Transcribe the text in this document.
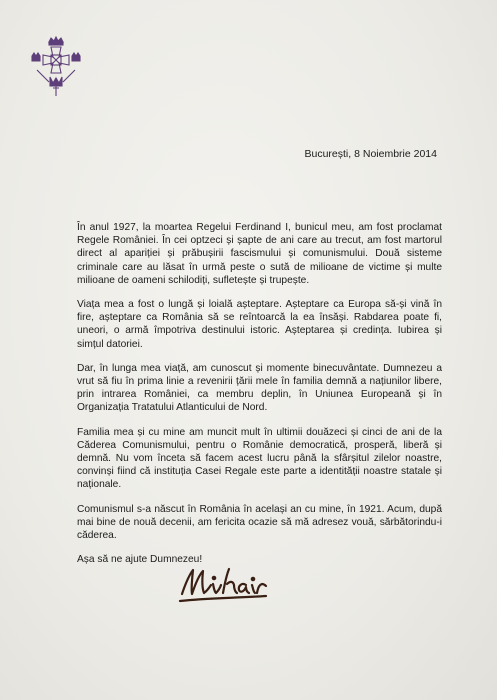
București, 8 Noiembrie 2014

În anul 1927, la moartea Regelui Ferdinand I, bunicul meu, am fost proclamat Regele României. În cei optzeci și șapte de ani care au trecut, am fost martorul direct al apariției și prăbușirii fascismului și comunismului. Două sisteme criminale care au lăsat în urmă peste o sută de milioane de victime și multe milioane de oameni schilodiți, sufletește și trupește.

Viața mea a fost o lungă și loială așteptare. Așteptare ca Europa să-și vină în fire, așteptare ca România să se reîntoarcă la ea însăși. Rabdarea poate fi, uneori, o armă împotriva destinului istoric. Așteptarea și credința. Iubirea și simțul datoriei.

Dar, în lunga mea viață, am cunoscut și momente binecuvântate. Dumnezeu a vrut să fiu în prima linie a revenirii țării mele în familia demnă a națiunilor libere, prin intrarea României, ca membru deplin, în Uniunea Europeană și în Organizația Tratatului Atlanticului de Nord.

Familia mea și cu mine am muncit mult în ultimii douăzeci și cinci de ani de la Căderea Comunismului, pentru o Românie democratică, prosperă, liberă și demnă. Nu vom înceta să facem acest lucru până la sfârșitul zilelor noastre, convinși fiind că instituția Casei Regale este parte a identității noastre statale și naționale.

Comunismul s-a născut în România în același an cu mine, în 1921. Acum, după mai bine de nouă decenii, am fericita ocazie să mă adresez vouă, sărbătorindu-i căderea.

Așa să ne ajute Dumnezeu!
